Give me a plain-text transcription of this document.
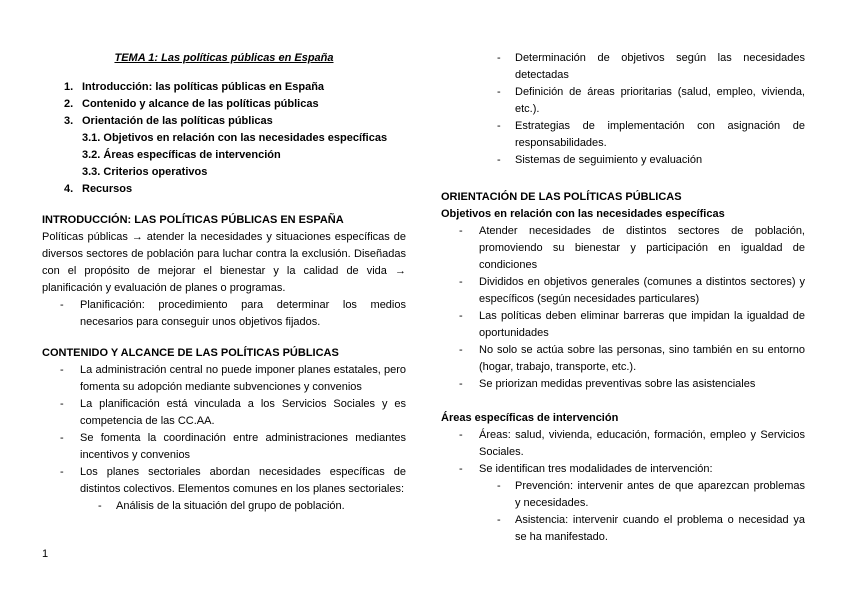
TEMA 1: Las políticas públicas en España
1. Introducción: las políticas públicas en España
2. Contenido y alcance de las políticas públicas
3. Orientación de las políticas públicas
3.1. Objetivos en relación con las necesidades específicas
3.2. Áreas específicas de intervención
3.3. Criterios operativos
4. Recursos
INTRODUCCIÓN: LAS POLÍTICAS PÚBLICAS EN ESPAÑA

Políticas públicas → atender la necesidades y situaciones específicas de diversos sectores de población para luchar contra la exclusión. Diseñadas con el propósito de mejorar el bienestar y la calidad de vida → planificación y evaluación de planes o programas.

- Planificación: procedimiento para determinar los medios necesarios para conseguir unos objetivos fijados.
CONTENIDO Y ALCANCE DE LAS POLÍTICAS PÚBLICAS
- La administración central no puede imponer planes estatales, pero fomenta su adopción mediante subvenciones y convenios
- La planificación está vinculada a los Servicios Sociales y es competencia de las CC.AA.
- Se fomenta la coordinación entre administraciones mediantes incentivos y convenios
- Los planes sectoriales abordan necesidades específicas de distintos colectivos. Elementos comunes en los planes sectoriales:
- Análisis de la situación del grupo de población.
- Determinación de objetivos según las necesidades detectadas
- Definición de áreas prioritarias (salud, empleo, vivienda, etc.).
- Estrategias de implementación con asignación de responsabilidades.
- Sistemas de seguimiento y evaluación
ORIENTACIÓN DE LAS POLÍTICAS PÚBLICAS
Objetivos en relación con las necesidades específicas
- Atender necesidades de distintos sectores de población, promoviendo su bienestar y participación en igualdad de condiciones
- Divididos en objetivos generales (comunes a distintos sectores) y específicos (según necesidades particulares)
- Las políticas deben eliminar barreras que impidan la igualdad de oportunidades
- No solo se actúa sobre las personas, sino también en su entorno (hogar, trabajo, transporte, etc.).
- Se priorizan medidas preventivas sobre las asistenciales
Áreas específicas de intervención
- Áreas: salud, vivienda, educación, formación, empleo y Servicios Sociales.
- Se identifican tres modalidades de intervención:
- Prevención: intervenir antes de que aparezcan problemas y necesidades.
- Asistencia: intervenir cuando el problema o necesidad ya se ha manifestado.
1
